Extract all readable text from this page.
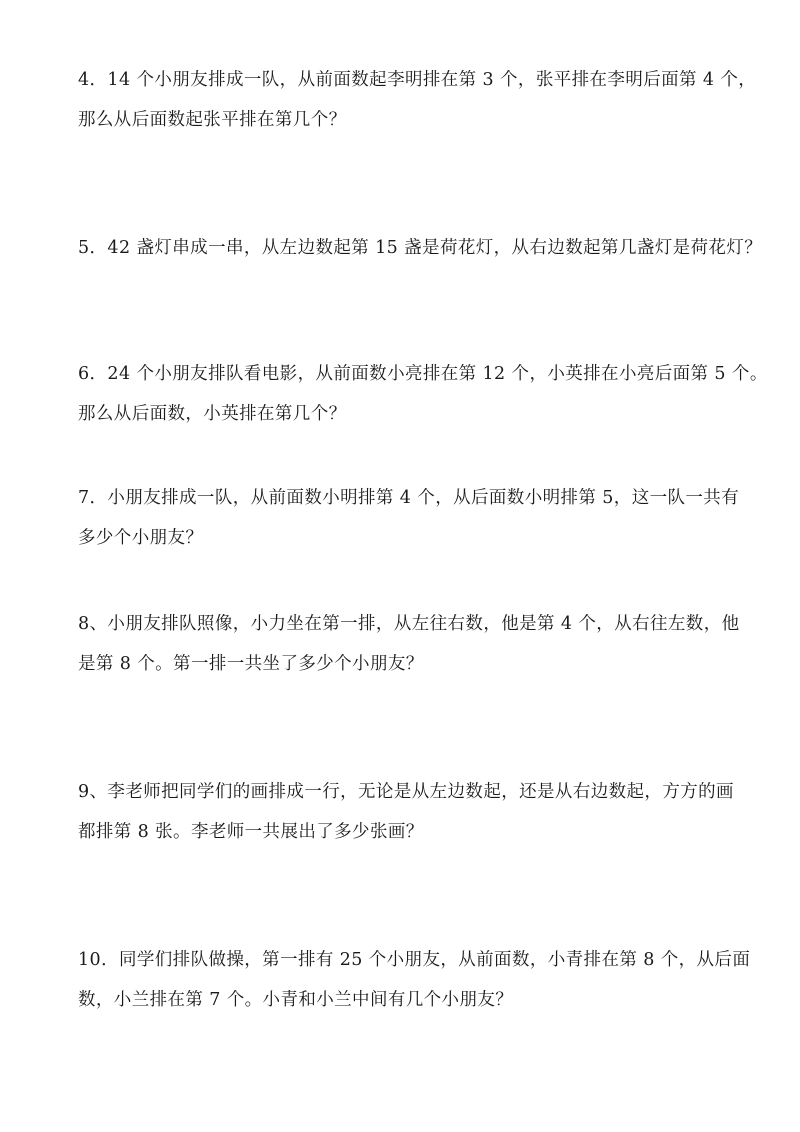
4．14 个小朋友排成一队，从前面数起李明排在第 3 个，张平排在李明后面第 4 个，
那么从后面数起张平排在第几个？

5．42 盏灯串成一串，从左边数起第 15 盏是荷花灯，从右边数起第几盏灯是荷花灯？

6．24 个小朋友排队看电影，从前面数小亮排在第 12 个，小英排在小亮后面第 5 个。
那么从后面数，小英排在第几个？

7．小朋友排成一队，从前面数小明排第 4 个，从后面数小明排第 5，这一队一共有
多少个小朋友？

8、小朋友排队照像，小力坐在第一排，从左往右数，他是第 4 个，从右往左数，他
是第 8 个。第一排一共坐了多少个小朋友？

9、李老师把同学们的画排成一行，无论是从左边数起，还是从右边数起，方方的画
都排第 8 张。李老师一共展出了多少张画？

10．同学们排队做操，第一排有 25 个小朋友，从前面数，小青排在第 8 个，从后面
数，小兰排在第 7 个。小青和小兰中间有几个小朋友？
